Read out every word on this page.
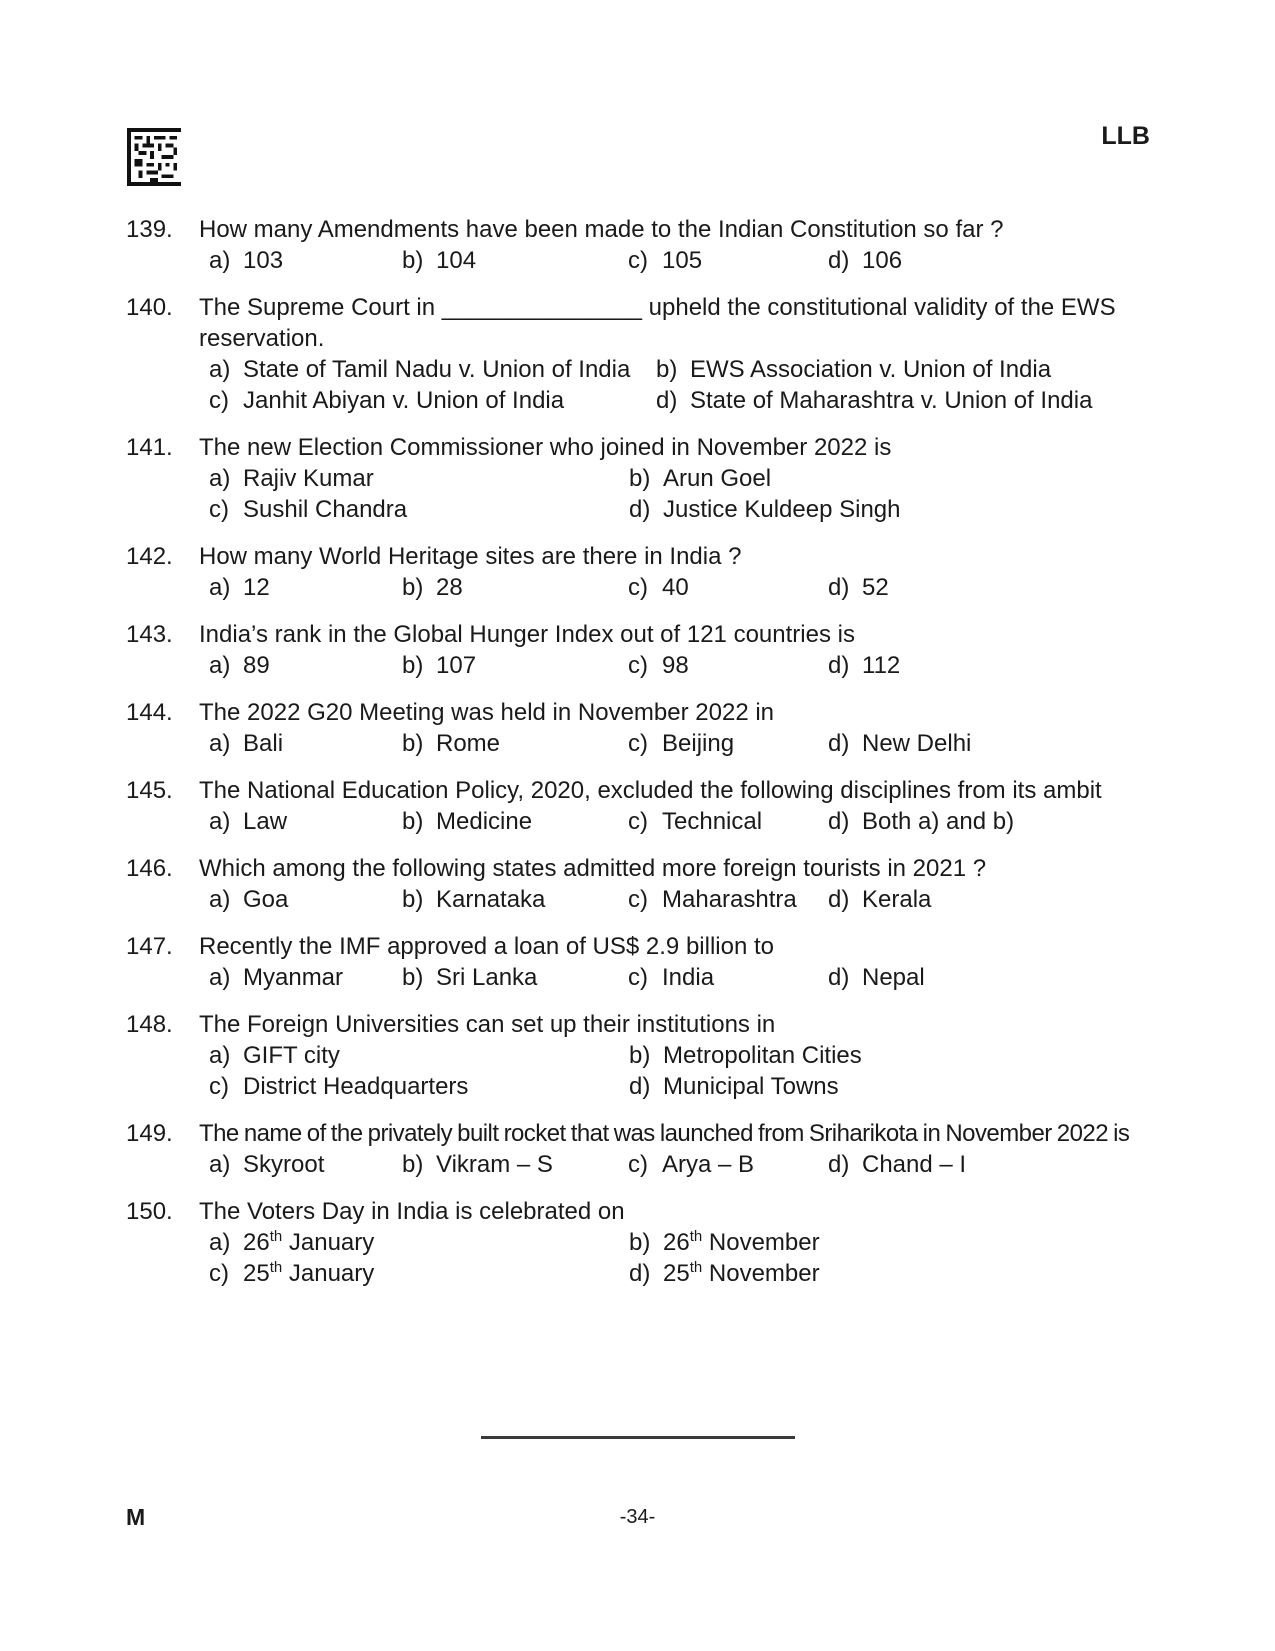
LLB
139.	How many Amendments have been made to the Indian Constitution so far ?
a) 103	b) 104	c) 105	d) 106
140.	The Supreme Court in _______________ upheld the constitutional validity of the EWS reservation.
a) State of Tamil Nadu v. Union of India	b) EWS Association v. Union of India
c) Janhit Abiyan v. Union of India	d) State of Maharashtra v. Union of India
141.	The new Election Commissioner who joined in November 2022 is
a) Rajiv Kumar	b) Arun Goel
c) Sushil Chandra	d) Justice Kuldeep Singh
142.	How many World Heritage sites are there in India ?
a) 12	b) 28	c) 40	d) 52
143.	India’s rank in the Global Hunger Index out of 121 countries is
a) 89	b) 107	c) 98	d) 112
144.	The 2022 G20 Meeting was held in November 2022 in
a) Bali	b) Rome	c) Beijing	d) New Delhi
145.	The National Education Policy, 2020, excluded the following disciplines from its ambit
a) Law	b) Medicine	c) Technical	d) Both a) and b)
146.	Which among the following states admitted more foreign tourists in 2021 ?
a) Goa	b) Karnataka	c) Maharashtra	d) Kerala
147.	Recently the IMF approved a loan of US$ 2.9 billion to
a) Myanmar	b) Sri Lanka	c) India	d) Nepal
148.	The Foreign Universities can set up their institutions in
a) GIFT city	b) Metropolitan Cities
c) District Headquarters	d) Municipal Towns
149.	The name of the privately built rocket that was launched from Sriharikota in November 2022 is
a) Skyroot	b) Vikram – S	c) Arya – B	d) Chand – I
150.	The Voters Day in India is celebrated on
a) 26th January	b) 26th November
c) 25th January	d) 25th November
M	-34-
